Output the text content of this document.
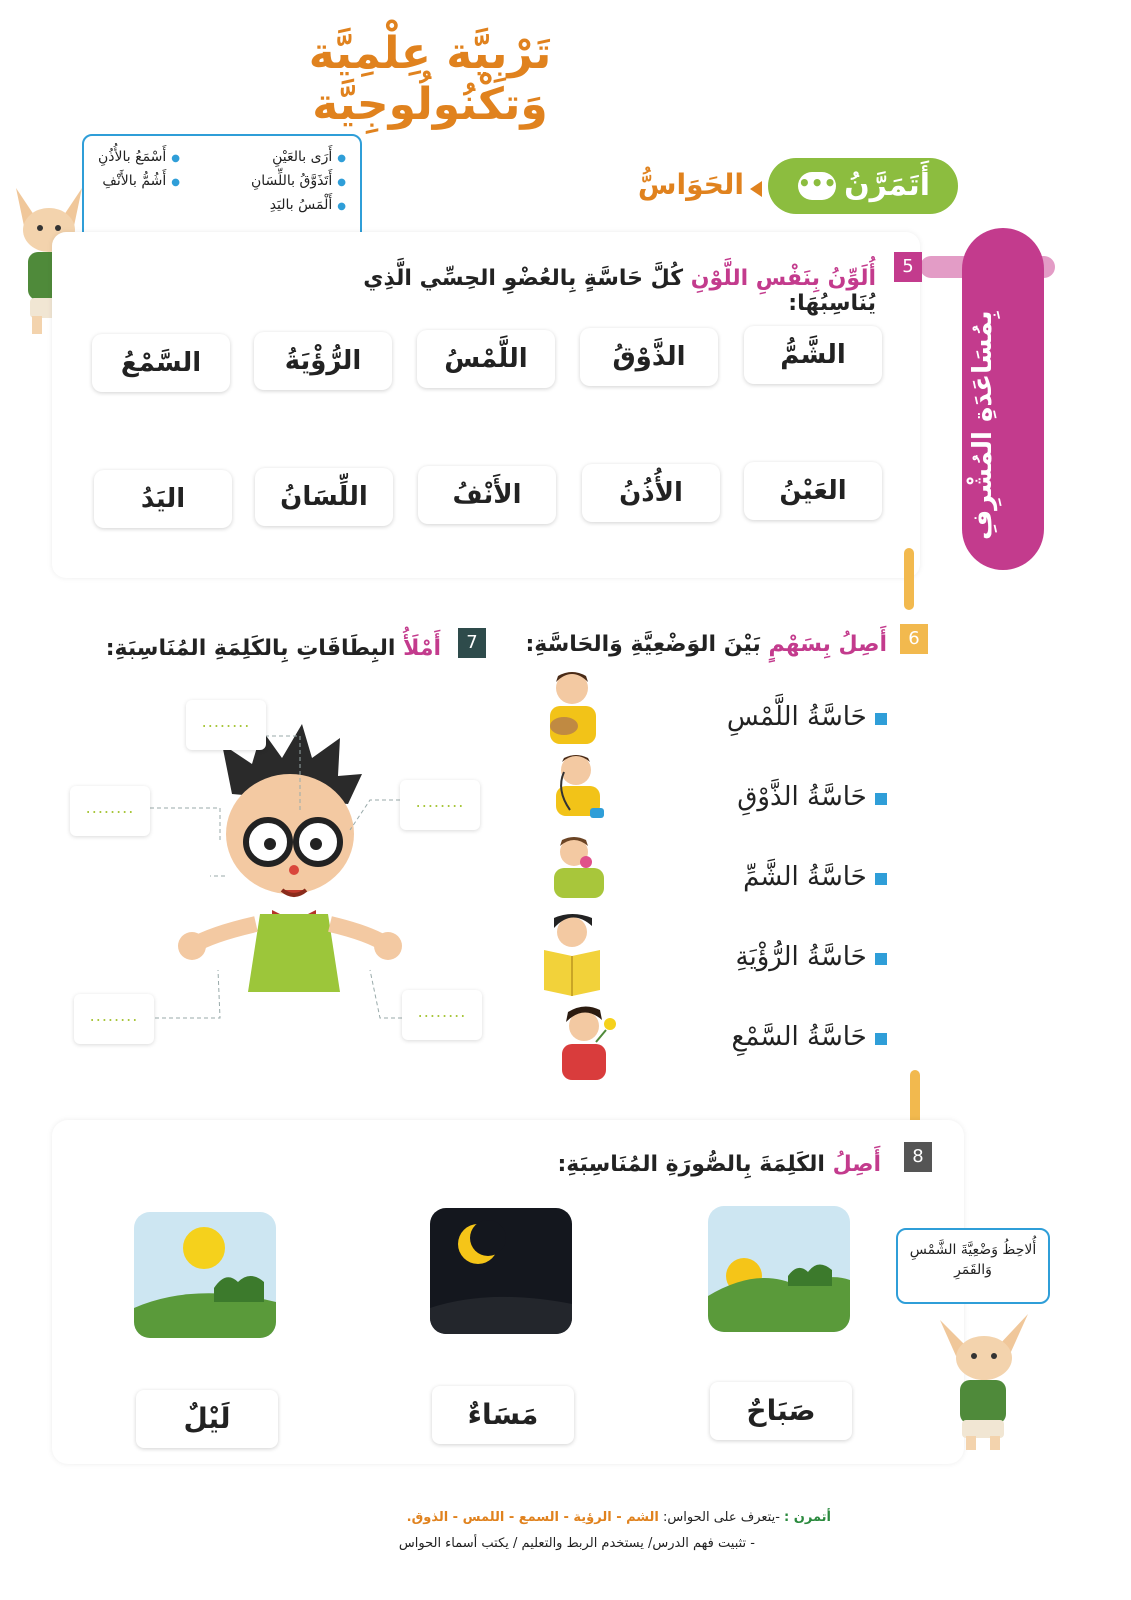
تَرْبِيَّة عِلْمِيَّة وَتكْنُولُوجِيَّة
● أَرَى بالعَيْنِ
● أَتَذَوَّقُ باللِّسَانِ
● أَلْمَسُ باليَدِ
● أَسْمَعُ بالأُذُنِ
● أَشُمُّ بالأَنْفِ	أَتَمَرَّنُ
•••
الحَوَاسُّ
بِمُسَاعَدَةِ المُشْرِفِ
5
أُلَوِّنُ بِنَفْسِ اللَّوْنِ كُلَّ حَاسَّةٍ بِالعُضْوِ الحِسِّي الَّذِي يُنَاسِبُهَا:
الشَّمُّ
الذَّوْقُ
اللَّمْسُ
الرُّؤْيَةُ
السَّمْعُ
العَيْنُ
الأُذُنُ
الأَنْفُ
اللِّسَانُ
اليَدُ
6
أَصِلُ بِسَهْمٍ بَيْنَ الوَضْعِيَّةِ وَالحَاسَّةِ:
حَاسَّةُ اللَّمْسِ
حَاسَّةُ الذَّوْقِ
حَاسَّةُ الشَّمِّ
حَاسَّةُ الرُّؤْيَةِ
حَاسَّةُ السَّمْعِ
7
أَمْلَأُ البِطَاقَاتِ بِالكَلِمَةِ المُنَاسِبَةِ:
........
........	........
........	........
8
أَصِلُ الكَلِمَةَ بِالصُّورَةِ المُنَاسِبَةِ:
صَبَاحٌ
مَسَاءٌ
لَيْلٌ
أُلاحِظُ وَضْعِيَّةَ الشَّمْسِ وَالقَمَرِ
أتمرن : -يتعرف على الحواس: الشم - الرؤية - السمع - اللمس - الذوق.
- تثبيت فهم الدرس/ يستخدم الربط والتعليم / يكتب أسماء الحواس
